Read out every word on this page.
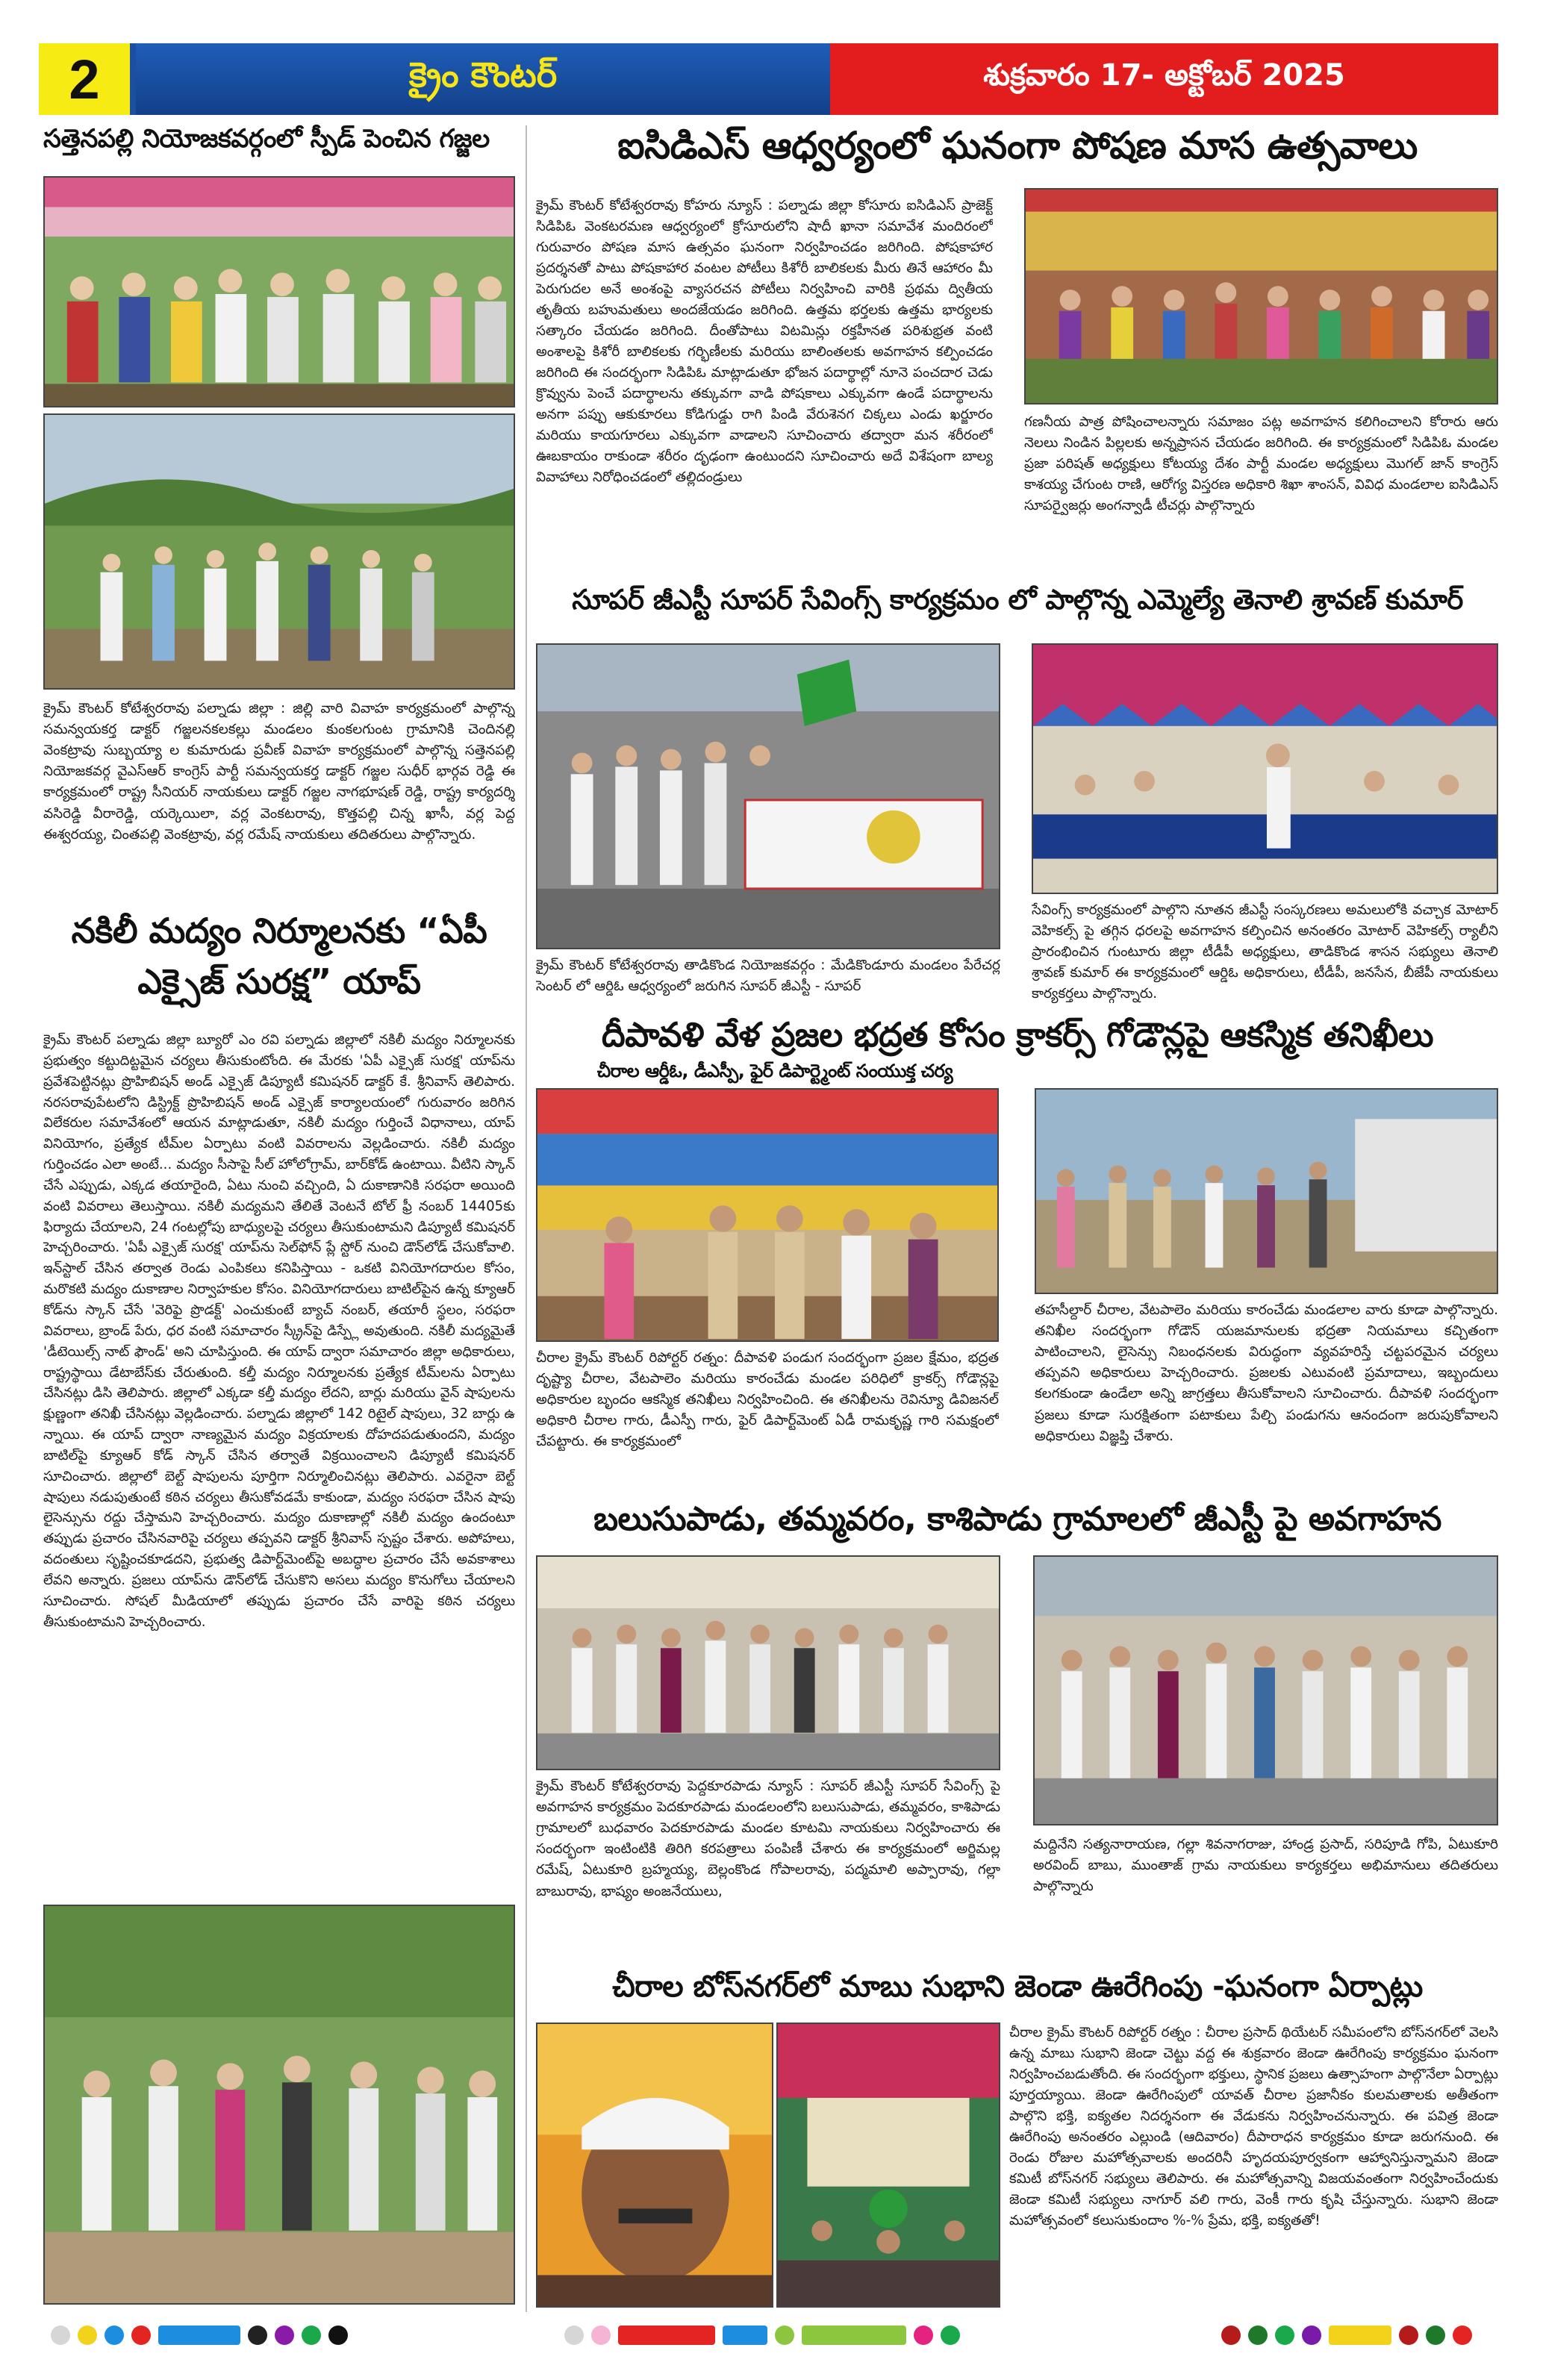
2	క్రైం కౌంటర్	శుక్రవారం 17- అక్టోబర్ 2025
సత్తెనపల్లి నియోజకవర్గంలో స్పీడ్ పెంచిన గజ్జల
క్రైమ్ కౌంటర్ కోటేశ్వరరావు పల్నాడు జిల్లా : జిల్లి వారి వివాహ కార్యక్రమంలో పాల్గొన్న సమన్వయకర్త డాక్టర్ గజ్జలనకలకల్లు మండలం కుంకలగుంట గ్రామానికి చెందినల్లి వెంకట్రావు సుబ్బయ్యా ల కుమారుడు ప్రవీణ్ వివాహ కార్యక్రమంలో పాల్గొన్న సత్తెనపల్లి నియోజకవర్గ వైఎస్ఆర్ కాంగ్రెస్ పార్టీ సమన్వయకర్త డాక్టర్ గజ్జల సుధీర్ భార్గవ రెడ్డి ఈ కార్యక్రమంలో రాష్ట్ర సీనియర్ నాయకులు డాక్టర్ గజ్జల నాగభూషణ్ రెడ్డి, రాష్ట్ర కార్యదర్శి వసిరెడ్డి వీరారెడ్డి, యర్కెయిలా, వర్ల వెంకటరావు, కొత్తపల్లి చిన్న ఖాసీ, వర్ల పెద్ద ఈశ్వరయ్య, చింతపల్లి వెంకట్రావు, వర్ల రమేష్ నాయకులు తదితరులు పాల్గొన్నారు.
నకిలీ మద్యం నిర్మూలనకు “ఏపీ
ఎక్సైజ్ సురక్ష” యాప్
క్రైమ్ కౌంటర్ పల్నాడు జిల్లా బ్యూరో ఎం రవి పల్నాడు జిల్లాలో నకిలీ మద్యం నిర్మూలనకు ప్రభుత్వం కట్టుదిట్టమైన చర్యలు తీసుకుంటోంది. ఈ మేరకు 'ఏపీ ఎక్సైజ్ సురక్ష' యాప్‌ను ప్రవేశపెట్టినట్లు ప్రొహిబిషన్ అండ్ ఎక్సైజ్ డిప్యూటీ కమిషనర్ డాక్టర్ కే. శ్రీనివాస్ తెలిపారు. నరసరావుపేటలోని డిస్ట్రిక్ట్ ప్రొహిబిషన్ అండ్ ఎక్సైజ్ కార్యాలయంలో గురువారం జరిగిన విలేకరుల సమావేశంలో ఆయన మాట్లాడుతూ, నకిలీ మద్యం గుర్తించే విధానాలు, యాప్ వినియోగం, ప్రత్యేక టీమ్‌ల ఏర్పాటు వంటి వివరాలను వెల్లడించారు. నకిలీ మద్యం గుర్తించడం ఎలా అంటే... మద్యం సీసాపై సీల్ హోలోగ్రామ్, బార్‌కోడ్ ఉంటాయి. వీటిని స్కాన్ చేసే ఎప్పుడు, ఎక్కడ తయారైంది, ఏటు నుంచి వచ్చింది, ఏ దుకాణానికి సరఫరా అయింది వంటి వివరాలు తెలుస్తాయి. నకిలీ మద్యమని తేలితే వెంటనే టోల్ ఫ్రీ నంబర్ 14405కు ఫిర్యాదు చేయాలని, 24 గంటల్లోపు బాధ్యులపై చర్యలు తీసుకుంటామని డిప్యూటీ కమిషనర్ హెచ్చరించారు. 'ఏపీ ఎక్సైజ్ సురక్ష' యాప్‌ను సెల్‌ఫోన్ ప్లే స్టోర్ నుంచి డౌన్‌లోడ్ చేసుకోవాలి. ఇన్‌స్టాల్ చేసిన తర్వాత రెండు ఎంపికలు కనిపిస్తాయి - ఒకటి వినియోగదారుల కోసం, మరొకటి మద్యం దుకాణాల నిర్వాహకుల కోసం. వినియోగదారులు బాటిల్‌పైన ఉన్న క్యూఆర్ కోడ్‌ను స్కాన్ చేసే 'వెరిఫై ప్రొడక్ట్' ఎంచుకుంటే బ్యాచ్ నంబర్, తయారీ స్థలం, సరఫరా వివరాలు, బ్రాండ్ పేరు, ధర వంటి సమాచారం స్క్రీన్‌పై డిస్ప్లే అవుతుంది. నకిలీ మద్యమైతే 'డీటెయిల్స్ నాట్ ఫౌండ్' అని చూపిస్తుంది. ఈ యాప్ ద్వారా సమాచారం జిల్లా అధికారులు, రాష్ట్రస్థాయి డేటాబేస్‌కు చేరుతుంది. కల్తీ మద్యం నిర్మూలనకు ప్రత్యేక టీమ్‌లను ఏర్పాటు చేసినట్లు డిసి తెలిపారు. జిల్లాలో ఎక్కడా కల్తీ మద్యం లేదని, బార్లు మరియు వైన్ షాపులను క్షుణ్ణంగా తనిఖీ చేసినట్లు వెల్లడించారు. పల్నాడు జిల్లాలో 142 రిటైల్ షాపులు, 32 బార్లు ఉ న్నాయి. ఈ యాప్ ద్వారా నాణ్యమైన మద్యం విక్రయాలకు దోహదపడుతుందని, మద్యం బాటిల్‌పై క్యూఆర్ కోడ్ స్కాన్ చేసిన తర్వాతే విక్రయించాలని డిప్యూటీ కమిషనర్ సూచించారు. జిల్లాలో బెల్ట్ షాపులను పూర్తిగా నిర్మూలించినట్లు తెలిపారు. ఎవరైనా బెల్ట్ షాపులు నడుపుతుంటే కఠిన చర్యలు తీసుకోవడమే కాకుండా, మద్యం సరఫరా చేసిన షాపు లైసెన్సును రద్దు చేస్తామని హెచ్చరించారు. మద్యం దుకాణాల్లో నకిలీ మద్యం ఉందంటూ తప్పుడు ప్రచారం చేసినవారిపై చర్యలు తప్పవని డాక్టర్ శ్రీనివాస్ స్పష్టం చేశారు. అపోహలు, వదంతులు సృష్టించకూడదని, ప్రభుత్వ డిపార్ట్‌మెంట్‌పై అబద్ధాల ప్రచారం చేసే అవకాశాలు లేవని అన్నారు. ప్రజలు యాప్‌ను డౌన్‌లోడ్ చేసుకొని అసలు మద్యం కొనుగోలు చేయాలని సూచించారు. సోషల్ మీడియాలో తప్పుడు ప్రచారం చేసే వారిపై కఠిన చర్యలు తీసుకుంటామని హెచ్చరించారు.
ఐసిడిఎస్ ఆధ్వర్యంలో ఘనంగా పోషణ మాస ఉత్సవాలు
క్రైమ్ కౌంటర్ కోటేశ్వరరావు కోహరు న్యూస్ : పల్నాడు జిల్లా కోసూరు ఐసిడిఎస్ ప్రాజెక్ట్ సిడిపిఓ వెంకటరమణ ఆధ్వర్యంలో క్రోసూరులోని షాదీ ఖానా సమావేశ మందిరంలో గురువారం పోషణ మాస ఉత్సవం ఘనంగా నిర్వహించడం జరిగింది. పోషకాహార ప్రదర్శనతో పాటు పోషకాహార వంటల పోటీలు కిశోరీ బాలికలకు మీరు తినే ఆహారం మీ పెరుగుదల అనే అంశంపై వ్యాసరచన పోటీలు నిర్వహించి వారికి ప్రథమ ద్వితీయ తృతీయ బహుమతులు అందజేయడం జరిగింది. ఉత్తమ భర్తలకు ఉత్తమ భార్యలకు సత్కారం చేయడం జరిగింది. దీంతోపాటు విటమిన్లు రక్తహీనత పరిశుభ్రత వంటి అంశాలపై కిశోరీ బాలికలకు గర్భిణీలకు మరియు బాలింతలకు అవగాహన కల్పించడం జరిగింది ఈ సందర్భంగా సిడిపిఓ మాట్లాడుతూ భోజన పదార్థాల్లో నూనె పంచదార చెడు క్రొవ్వును పెంచే పదార్థాలను తక్కువగా వాడి పోషకాలు ఎక్కువగా ఉండే పదార్థాలను అనగా పప్పు ఆకుకూరలు కోడిగుడ్డు రాగి పిండి వేరుశెనగ చిక్కలు ఎండు ఖర్జూరం మరియు కాయగూరలు ఎక్కువగా వాడాలని సూచించారు తద్వారా మన శరీరంలో ఊబకాయం రాకుండా శరీరం దృఢంగా ఉంటుందని సూచించారు అదే విశేషంగా బాల్య వివాహాలు నిరోధించడంలో తల్లిదండ్రులు
గణనీయ పాత్ర పోషించాలన్నారు సమాజం పట్ల అవగాహన కలిగించాలని కోరారు ఆరు నెలలు నిండిన పిల్లలకు అన్నప్రాసన చేయడం జరిగింది. ఈ కార్యక్రమంలో సిడిపిఓ మండల ప్రజా పరిషత్ అధ్యక్షులు కోటయ్య దేశం పార్టీ మండల అధ్యక్షులు మొగల్ జాన్ కాంగ్రెస్ కాశయ్య చేగుంట రాణి, ఆరోగ్య విస్తరణ అధికారి శిఖా శాంసన్, వివిధ మండలాల ఐసిడిఎస్ సూపర్వైజర్లు అంగన్వాడీ టీచర్లు పాల్గొన్నారు
సూపర్ జీఎస్టీ సూపర్ సేవింగ్స్ కార్యక్రమం లో పాల్గొన్న ఎమ్మెల్యే తెనాలి శ్రావణ్ కుమార్
క్రైమ్ కౌంటర్ కోటేశ్వరరావు తాడికొండ నియోజకవర్గం : మేడికొండూరు మండలం పేరేచర్ల సెంటర్ లో ఆర్డిఓ ఆధ్వర్యంలో జరుగిన సూపర్ జీఎస్టీ - సూపర్
సేవింగ్స్ కార్యక్రమంలో పాల్గొని నూతన జీఎస్టీ సంస్కరణలు అమలులోకి వచ్చాక మోటార్ వెహికల్స్ పై తగ్గిన ధరలపై అవగాహన కల్పించిన అనంతరం మోటార్ వెహికల్స్ ర్యాలీని ప్రారంభించిన గుంటూరు జిల్లా టీడీపీ అధ్యక్షులు, తాడికొండ శాసన సభ్యులు తెనాలి శ్రావణ్ కుమార్ ఈ కార్యక్రమంలో ఆర్డిఓ అధికారులు, టీడీపీ, జనసేన, బీజేపీ నాయకులు కార్యకర్తలు పాల్గొన్నారు.
దీపావళి వేళ ప్రజల భద్రత కోసం క్రాకర్స్ గోడౌన్లపై ఆకస్మిక తనిఖీలు
చీరాల ఆర్డీఓ, డీఎస్పీ, ఫైర్ డిపార్ట్మెంట్ సంయుక్త చర్య
చీరాల క్రైమ్ కౌంటర్ రిపోర్టర్ రత్నం: దీపావళి పండుగ సందర్భంగా ప్రజల క్షేమం, భద్రత దృష్ట్యా చీరాల, వేటపాలెం మరియు కారంచేడు మండల పరిధిలో క్రాకర్స్ గోడౌన్లపై అధికారుల బృందం ఆకస్మిక తనిఖీలు నిర్వహించింది. ఈ తనిఖీలను రెవిన్యూ డివిజనల్ అధికారి చీరాల గారు, డీఎస్పీ గారు, ఫైర్ డిపార్ట్‌మెంట్ ఏడీ రామకృష్ణ గారి సమక్షంలో చేపట్టారు. ఈ కార్యక్రమంలో
తహసీల్దార్ చీరాల, వేటపాలెం మరియు కారంచేడు మండలాల వారు కూడా పాల్గొన్నారు. తనిఖీల సందర్భంగా గోడౌన్ యజమానులకు భద్రతా నియమాలు కచ్చితంగా పాటించాలని, లైసెన్సు నిబంధనలకు విరుద్ధంగా వ్యవహరిస్తే చట్టపరమైన చర్యలు తప్పవని అధికారులు హెచ్చరించారు. ప్రజలకు ఎటువంటి ప్రమాదాలు, ఇబ్బందులు కలగకుండా ఉండేలా అన్ని జాగ్రత్తలు తీసుకోవాలని సూచించారు. దీపావళి సందర్భంగా ప్రజలు కూడా సురక్షితంగా పటాకులు పేల్చి పండుగను ఆనందంగా జరుపుకోవాలని అధికారులు విజ్ఞప్తి చేశారు.
బలుసుపాడు, తమ్మవరం, కాశిపాడు గ్రామాలలో జీఎస్టీ పై అవగాహన
క్రైమ్ కౌంటర్ కోటేశ్వరరావు పెద్దకూరపాడు న్యూస్ : సూపర్ జీఎస్టీ సూపర్ సేవింగ్స్ పై అవగాహన కార్యక్రమం పెదకూరపాడు మండలంలోని బలుసుపాడు, తమ్మవరం, కాశిపాడు గ్రామాలలో బుధవారం పెదకూరపాడు మండల కూటమి నాయకులు నిర్వహించారు ఈ సందర్భంగా ఇంటింటికి తిరిగి కరపత్రాలు పంపిణీ చేశారు ఈ కార్యక్రమంలో అర్జిమల్ల రమేష్, ఏటుకూరి బ్రహ్మయ్య, బెల్లంకొండ గోపాలరావు, పద్మమాలి అప్పారావు, గల్లా బాబురావు, భాష్యం అంజనేయులు,
మద్దినేని సత్యనారాయణ, గల్లా శివనాగరాజు, హాండ్ర ప్రసాద్, సరిపూడి గోపి, ఏటుకూరి అరవింద్ బాబు, ముంతాజ్ గ్రామ నాయకులు కార్యకర్తలు అభిమానులు తదితరులు పాల్గొన్నారు
చీరాల బోస్‌నగర్‌లో మాబు సుభాని జెండా ఊరేగింపు -ఘనంగా ఏర్పాట్లు
చీరాల క్రైమ్ కౌంటర్ రిపోర్టర్ రత్నం : చీరాల ప్రసాద్ థియేటర్ సమీపంలోని బోస్‌నగర్‌లో వెలసి ఉన్న మాబు సుభాని జెండా చెట్టు వద్ద ఈ శుక్రవారం జెండా ఊరేగింపు కార్యక్రమం ఘనంగా నిర్వహించబడుతోంది. ఈ సందర్భంగా భక్తులు, స్థానిక ప్రజలు ఉత్సాహంగా పాల్గొనేలా ఏర్పాట్లు పూర్తయ్యాయి. జెండా ఊరేగింపులో యావత్ చీరాల ప్రజానీకం కులమతాలకు అతీతంగా పాల్గొని భక్తి, ఐక్యతల నిదర్శనంగా ఈ వేడుకను నిర్వహించనున్నారు. ఈ పవిత్ర జెండా ఊరేగింపు అనంతరం ఎల్లుండి (ఆదివారం) దీపారాధన కార్యక్రమం కూడా జరుగనుంది. ఈ రెండు రోజుల మహోత్సవాలకు అందరినీ హృదయపూర్వకంగా ఆహ్వానిస్తున్నామని జెండా కమిటీ బోస్‌నగర్ సభ్యులు తెలిపారు. ఈ మహోత్సవాన్ని విజయవంతంగా నిర్వహించేందుకు జెండా కమిటీ సభ్యులు నాగూర్ వలి గారు, వెంకీ గారు కృషి చేస్తున్నారు. సుభాని జెండా మహోత్సవంలో కలుసుకుందాం %-% ప్రేమ, భక్తి, ఐక్యతతో!
